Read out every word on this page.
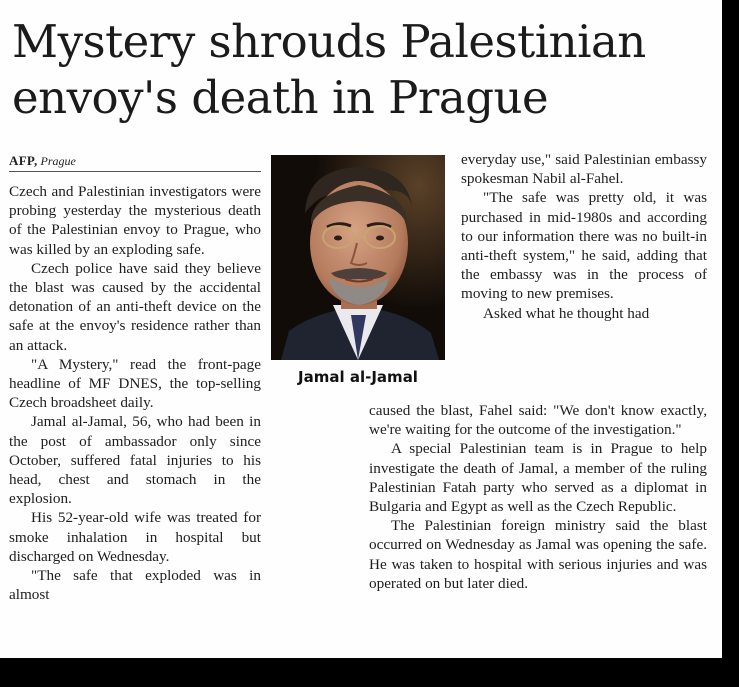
Mystery shrouds Palestinian envoy's death in Prague
AFP, Prague

Czech and Palestinian investigators were probing yesterday the mysterious death of the Palestinian envoy to Prague, who was killed by an exploding safe.

Czech police have said they believe the blast was caused by the accidental detonation of an anti-theft device on the safe at the envoy's residence rather than an attack.

"A Mystery," read the front-page headline of MF DNES, the top-selling Czech broadsheet daily.

Jamal al-Jamal, 56, who had been in the post of ambassador only since October, suffered fatal injuries to his head, chest and stomach in the explosion.

His 52-year-old wife was treated for smoke inhalation in hospital but discharged on Wednesday.

"The safe that exploded was in almost

Jamal al-Jamal

everyday use," said Palestinian embassy spokesman Nabil al-Fahel.

"The safe was pretty old, it was purchased in mid-1980s and according to our information there was no built-in anti-theft system," he said, adding that the embassy was in the process of moving to new premises.

Asked what he thought had

caused the blast, Fahel said: "We don't know exactly, we're waiting for the outcome of the investigation."

A special Palestinian team is in Prague to help investigate the death of Jamal, a member of the ruling Palestinian Fatah party who served as a diplomat in Bulgaria and Egypt as well as the Czech Republic.

The Palestinian foreign ministry said the blast occurred on Wednesday as Jamal was opening the safe. He was taken to hospital with serious injuries and was operated on but later died.
